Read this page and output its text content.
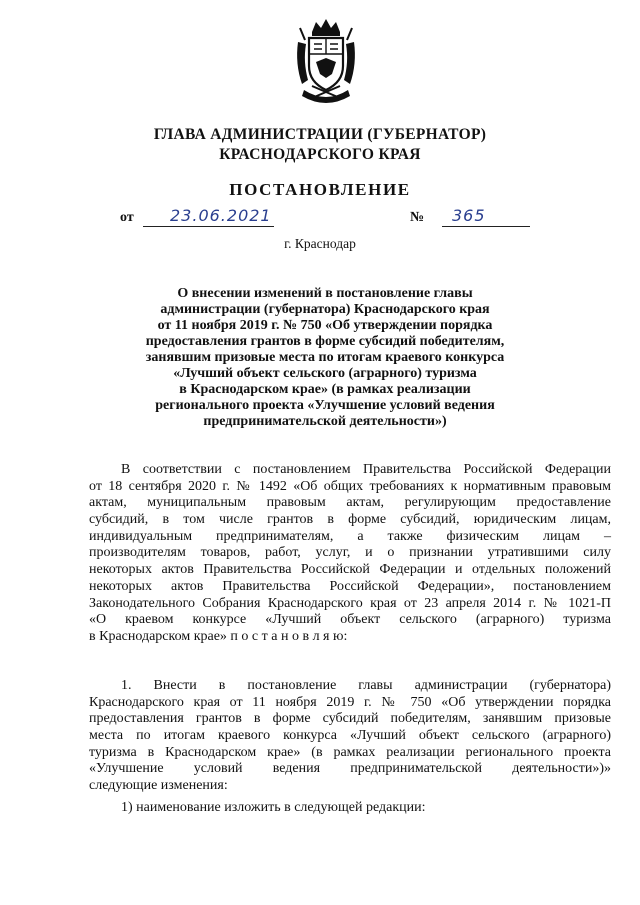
ГЛАВА АДМИНИСТРАЦИИ (ГУБЕРНАТОР)
КРАСНОДАРСКОГО КРАЯ
ПОСТАНОВЛЕНИЕ
от 23.06.2021	№ 365
г. Краснодар
О внесении изменений в постановление главы
администрации (губернатора) Краснодарского края
от 11 ноября 2019 г. № 750 «Об утверждении порядка
предоставления грантов в форме субсидий победителям,
занявшим призовые места по итогам краевого конкурса
«Лучший объект сельского (аграрного) туризма
в Краснодарском крае» (в рамках реализации
регионального проекта «Улучшение условий ведения
предпринимательской деятельности»)
В соответствии с постановлением Правительства Российской Федерации
от 18 сентября 2020 г. № 1492 «Об общих требованиях к нормативным правовым
актам, муниципальным правовым актам, регулирующим предоставление
субсидий, в том числе грантов в форме субсидий, юридическим лицам,
индивидуальным предпринимателям, а также физическим лицам –
производителям товаров, работ, услуг, и о признании утратившими силу
некоторых актов Правительства Российской Федерации и отдельных положений
некоторых актов Правительства Российской Федерации», постановлением
Законодательного Собрания Краснодарского края от 23 апреля 2014 г. № 1021-П
«О краевом конкурсе «Лучший объект сельского (аграрного) туризма
в Краснодарском крае» п о с т а н о в л я ю:
1. Внести в постановление главы администрации (губернатора)
Краснодарского края от 11 ноября 2019 г. № 750 «Об утверждении порядка
предоставления грантов в форме субсидий победителям, занявшим призовые
места по итогам краевого конкурса «Лучший объект сельского (аграрного)
туризма в Краснодарском крае» (в рамках реализации регионального проекта
«Улучшение условий ведения предпринимательской деятельности»)»
следующие изменения:
1) наименование изложить в следующей редакции:
